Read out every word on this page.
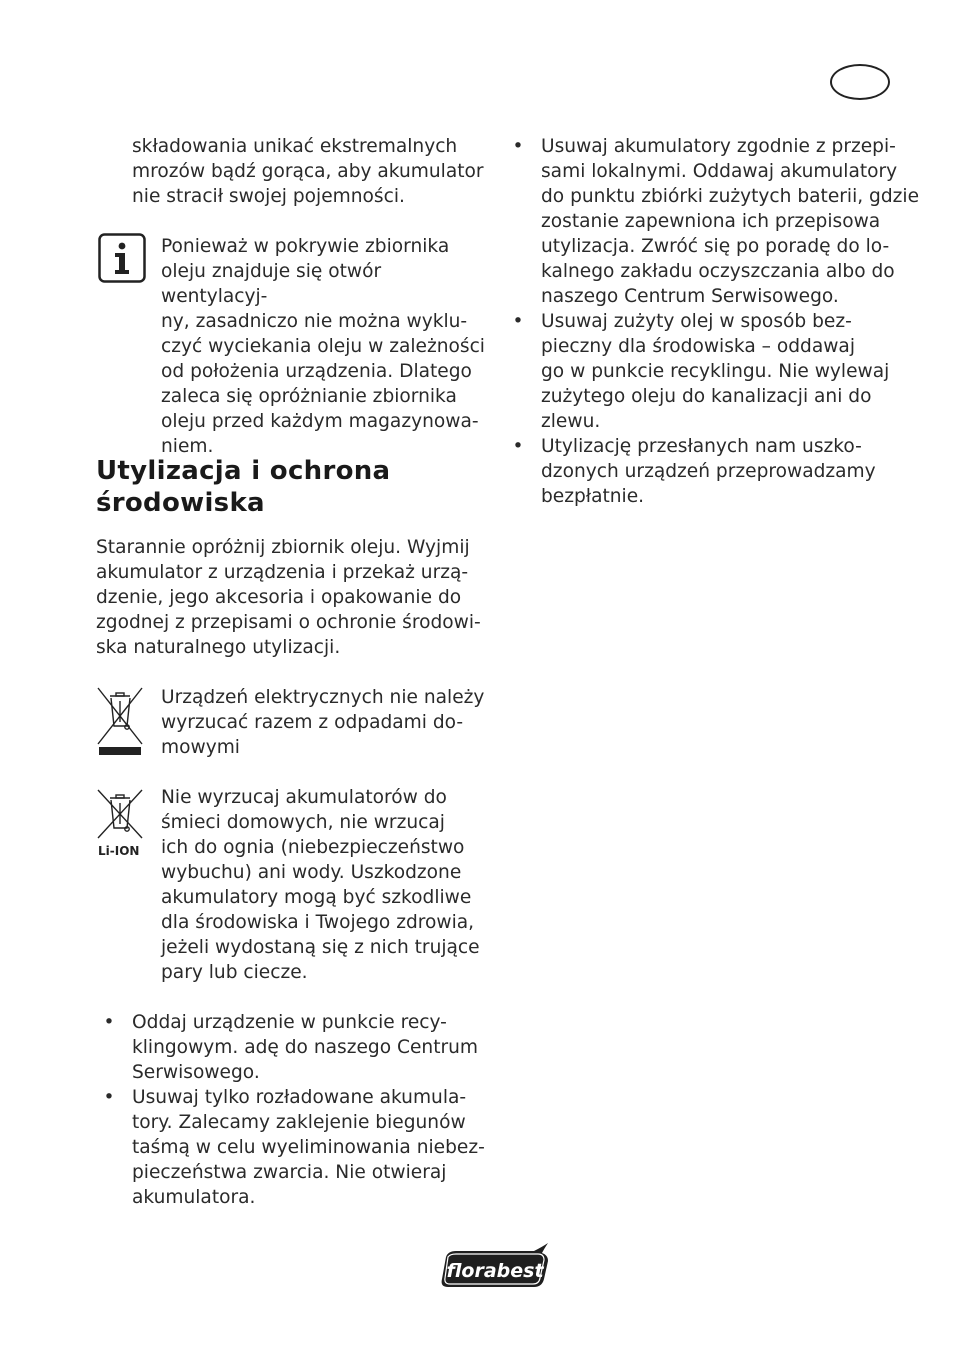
składowania unikać ekstremalnych
mrozów bądź gorąca, aby akumulator
nie stracił swojej pojemności.

Ponieważ w pokrywie zbiornika
oleju znajduje się otwór wentylacyj-
ny, zasadniczo nie można wyklu-
czyć wyciekania oleju w zależności
od położenia urządzenia. Dlatego
zaleca się opróżnianie zbiornika
oleju przed każdym magazynowa-
niem.

Utylizacja i ochrona
środowiska

Starannie opróżnij zbiornik oleju. Wyjmij
akumulator z urządzenia i przekaż urzą-
dzenie, jego akcesoria i opakowanie do
zgodnej z przepisami o ochronie środowi-
ska naturalnego utylizacji.

Urządzeń elektrycznych nie należy
wyrzucać razem z odpadami do-
mowymi

Li-ION

Nie wyrzucaj akumulatorów do
śmieci domowych, nie wrzucaj
ich do ognia (niebezpieczeństwo
wybuchu) ani wody. Uszkodzone
akumulatory mogą być szkodliwe
dla środowiska i Twojego zdrowia,
jeżeli wydostaną się z nich trujące
pary lub ciecze.

• Oddaj urządzenie w punkcie recy-
klingowym. adę do naszego Centrum
Serwisowego.

• Usuwaj tylko rozładowane akumula-
tory. Zalecamy zaklejenie biegunów
taśmą w celu wyeliminowania niebez-
pieczeństwa zwarcia. Nie otwieraj
akumulatora.

• Usuwaj akumulatory zgodnie z przepi-
sami lokalnymi. Oddawaj akumulatory
do punktu zbiórki zużytych baterii, gdzie
zostanie zapewniona ich przepisowa
utylizacja. Zwróć się po poradę do lo-
kalnego zakładu oczyszczania albo do
naszego Centrum Serwisowego.

• Usuwaj zużyty olej w sposób bez-
pieczny dla środowiska – oddawaj
go w punkcie recyklingu. Nie wylewaj
zużytego oleju do kanalizacji ani do
zlewu.

• Utylizację przesłanych nam uszko-
dzonych urządzeń przeprowadzamy
bezpłatnie.

florabest
